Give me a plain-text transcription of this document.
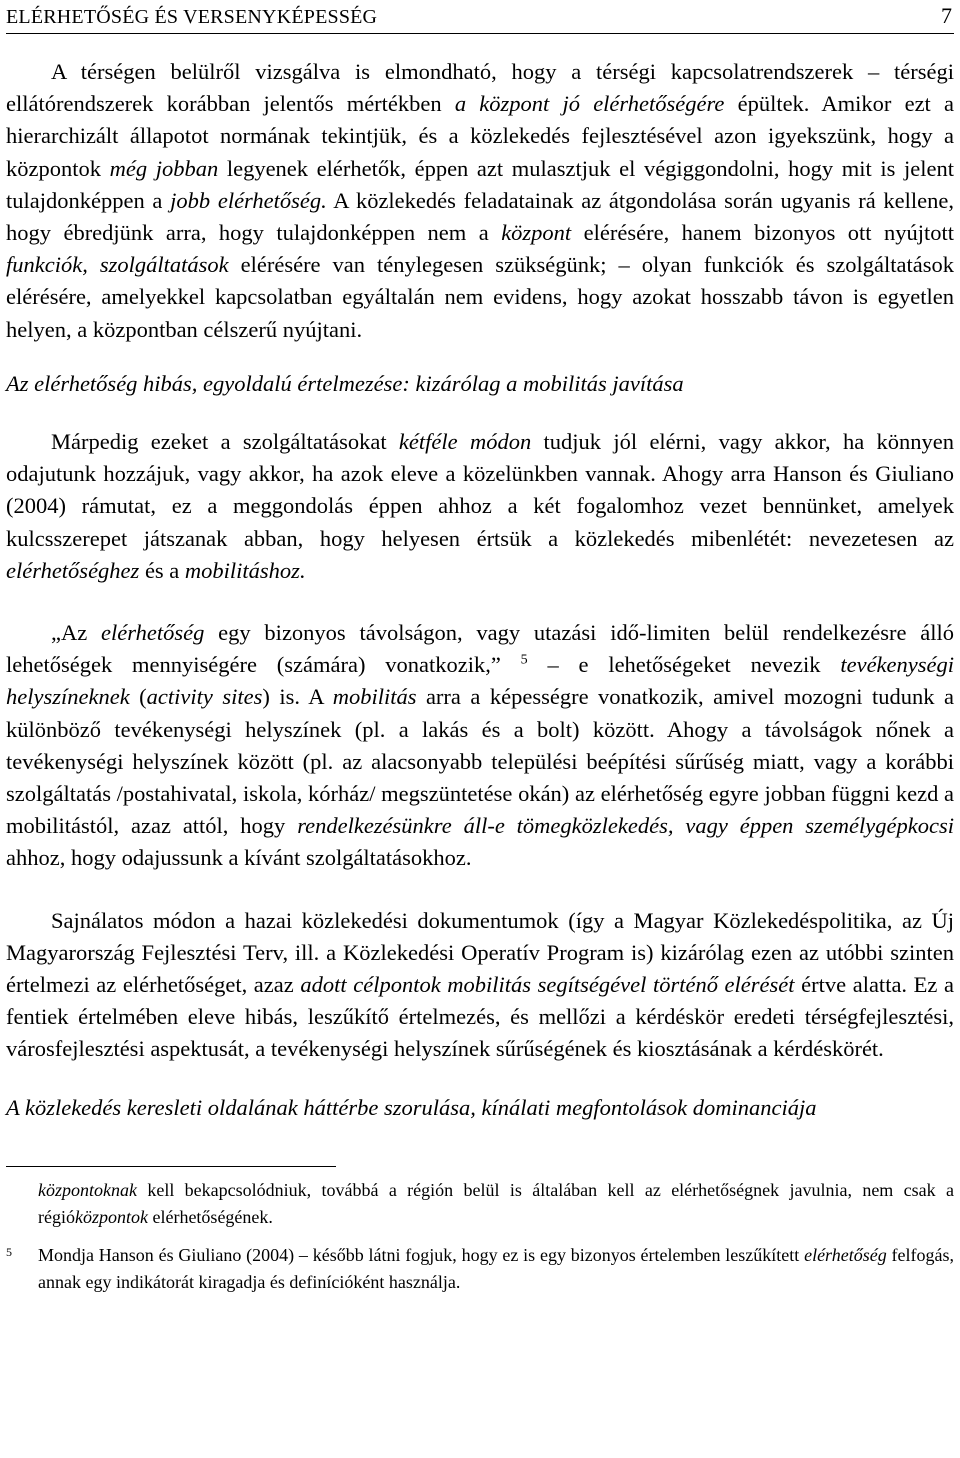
ELÉRHETŐSÉG ÉS VERSENYKÉPESSÉG	7

A térségen belülről vizsgálva is elmondható, hogy a térségi kapcsolatrendszerek – térségi ellátórendszerek korábban jelentős mértékben a központ jó elérhetőségére épültek. Amikor ezt a hierarchizált állapotot normának tekintjük, és a közlekedés fejlesztésével azon igyekszünk, hogy a központok még jobban legyenek elérhetők, éppen azt mulasztjuk el végiggondolni, hogy mit is jelent tulajdonképpen a jobb elérhetőség. A közlekedés feladatainak az átgondolása során ugyanis rá kellene, hogy ébredjünk arra, hogy tulajdonképpen nem a központ elérésére, hanem bizonyos ott nyújtott funkciók, szolgáltatások elérésére van ténylegesen szükségünk; – olyan funkciók és szolgáltatások elérésére, amelyekkel kapcsolatban egyáltalán nem evidens, hogy azokat hosszabb távon is egyetlen helyen, a központban célszerű nyújtani.

Az elérhetőség hibás, egyoldalú értelmezése: kizárólag a mobilitás javítása

Márpedig ezeket a szolgáltatásokat kétféle módon tudjuk jól elérni, vagy akkor, ha könnyen odajutunk hozzájuk, vagy akkor, ha azok eleve a közelünkben vannak. Ahogy arra Hanson és Giuliano (2004) rámutat, ez a meggondolás éppen ahhoz a két fogalomhoz vezet bennünket, amelyek kulcsszerepet játszanak abban, hogy helyesen értsük a közlekedés mibenlétét: nevezetesen az elérhetőséghez és a mobilitáshoz.

„Az elérhetőség egy bizonyos távolságon, vagy utazási idő-limiten belül rendelkezésre álló lehetőségek mennyiségére (számára) vonatkozik,” $^5$ – e lehetőségeket nevezik tevékenységi helyszíneknek (activity sites) is. A mobilitás arra a képességre vonatkozik, amivel mozogni tudunk a különböző tevékenységi helyszínek (pl. a lakás és a bolt) között. Ahogy a távolságok nőnek a tevékenységi helyszínek között (pl. az alacsonyabb települési beépítési sűrűség miatt, vagy a korábbi szolgáltatás /postahivatal, iskola, kórház/ megszüntetése okán) az elérhetőség egyre jobban függni kezd a mobilitástól, azaz attól, hogy rendelkezésünkre áll-e tömegközlekedés, vagy éppen személygépkocsi ahhoz, hogy odajussunk a kívánt szolgáltatásokhoz.

Sajnálatos módon a hazai közlekedési dokumentumok (így a Magyar Közlekedéspolitika, az Új Magyarország Fejlesztési Terv, ill. a Közlekedési Operatív Program is) kizárólag ezen az utóbbi szinten értelmezi az elérhetőséget, azaz adott célpontok mobilitás segítségével történő elérését értve alatta. Ez a fentiek értelmében eleve hibás, leszűkítő értelmezés, és mellőzi a kérdéskör eredeti térségfejlesztési, városfejlesztési aspektusát, a tevékenységi helyszínek sűrűségének és kiosztásának a kérdéskörét.

A közlekedés keresleti oldalának háttérbe szorulása, kínálati megfontolások dominanciája

központoknak kell bekapcsolódniuk, továbbá a régión belül is általában kell az elérhetőségnek javulnia, nem csak a régióközpontok elérhetőségének.

5	Mondja Hanson és Giuliano (2004) – később látni fogjuk, hogy ez is egy bizonyos értelemben leszűkített elérhetőség felfogás, annak egy indikátorát kiragadja és definícióként használja.
